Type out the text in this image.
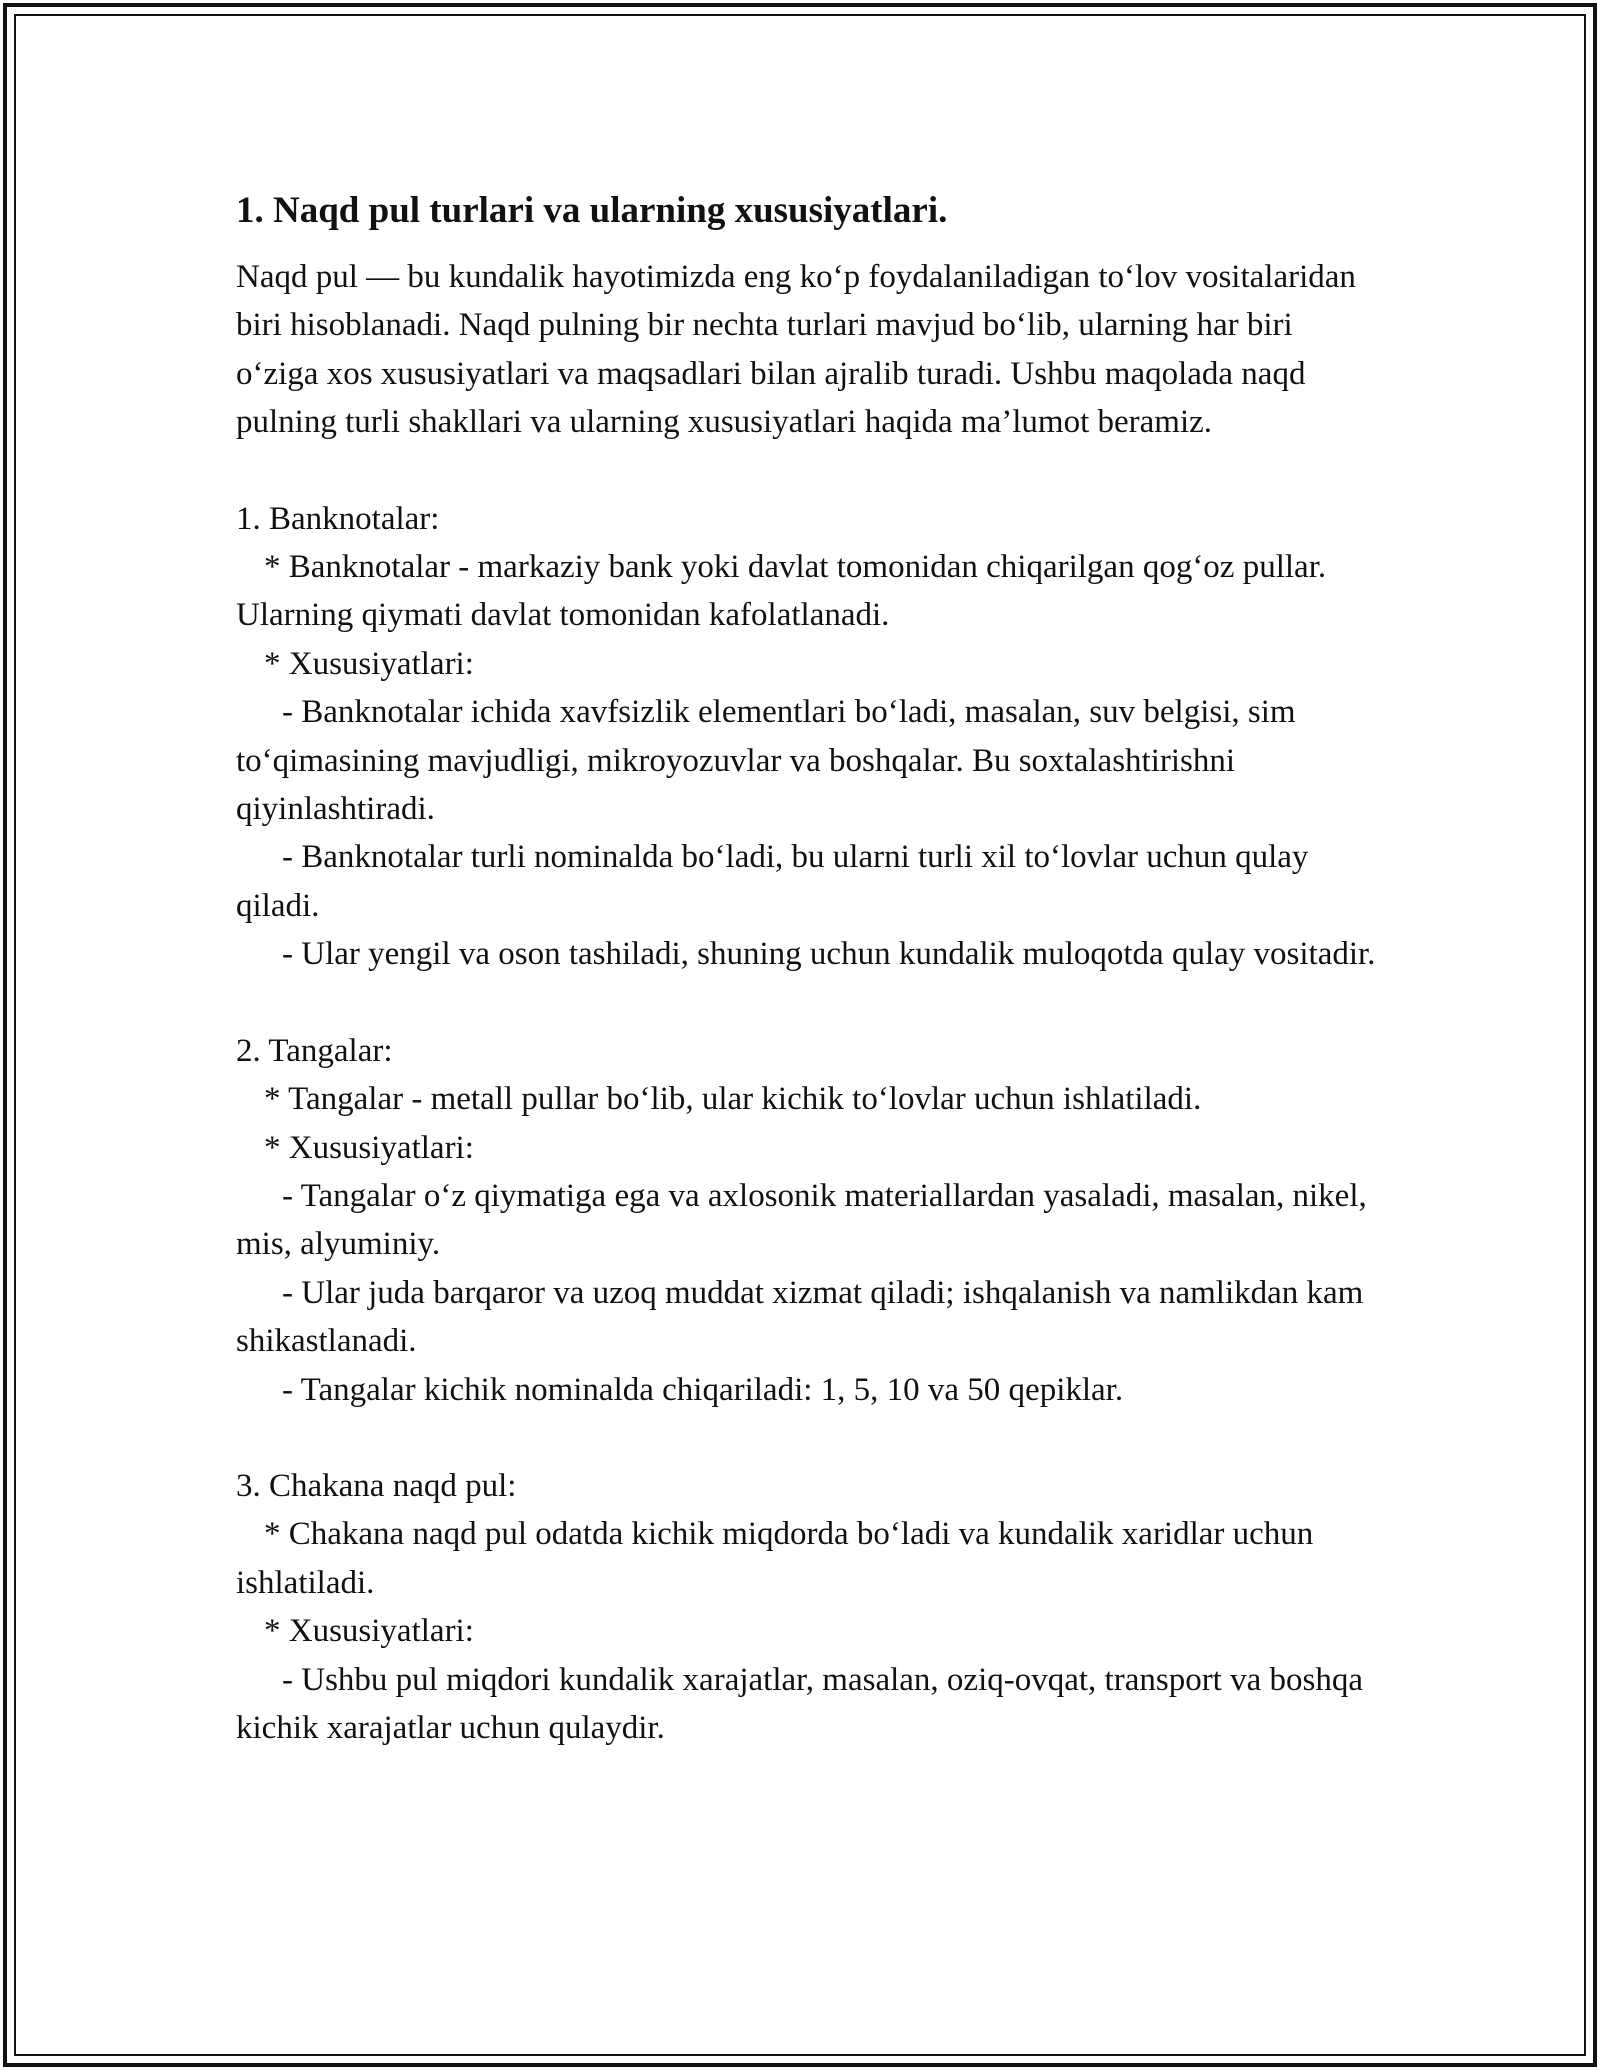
1. Naqd pul turlari va ularning xususiyatlari.

Naqd pul — bu kundalik hayotimizda eng ko‘p foydalaniladigan to‘lov vositalaridan biri hisoblanadi. Naqd pulning bir nechta turlari mavjud bo‘lib, ularning har biri o‘ziga xos xususiyatlari va maqsadlari bilan ajralib turadi. Ushbu maqolada naqd pulning turli shakllari va ularning xususiyatlari haqida ma’lumot beramiz.

1. Banknotalar:
* Banknotalar - markaziy bank yoki davlat tomonidan chiqarilgan qog‘oz pullar. Ularning qiymati davlat tomonidan kafolatlanadi.
* Xususiyatlari:
- Banknotalar ichida xavfsizlik elementlari bo‘ladi, masalan, suv belgisi, sim to‘qimasining mavjudligi, mikroyozuvlar va boshqalar. Bu soxtalashtirishni qiyinlashtiradi.
- Banknotalar turli nominalda bo‘ladi, bu ularni turli xil to‘lovlar uchun qulay qiladi.
- Ular yengil va oson tashiladi, shuning uchun kundalik muloqotda qulay vositadir.
2. Tangalar:
* Tangalar - metall pullar bo‘lib, ular kichik to‘lovlar uchun ishlatiladi.
* Xususiyatlari:
- Tangalar o‘z qiymatiga ega va axlosonik materiallardan yasaladi, masalan, nikel, mis, alyuminiy.
- Ular juda barqaror va uzoq muddat xizmat qiladi; ishqalanish va namlikdan kam shikastlanadi.
- Tangalar kichik nominalda chiqariladi: 1, 5, 10 va 50 qepiklar.
3. Chakana naqd pul:
* Chakana naqd pul odatda kichik miqdorda bo‘ladi va kundalik xaridlar uchun ishlatiladi.
* Xususiyatlari:
- Ushbu pul miqdori kundalik xarajatlar, masalan, oziq-ovqat, transport va boshqa kichik xarajatlar uchun qulaydir.
